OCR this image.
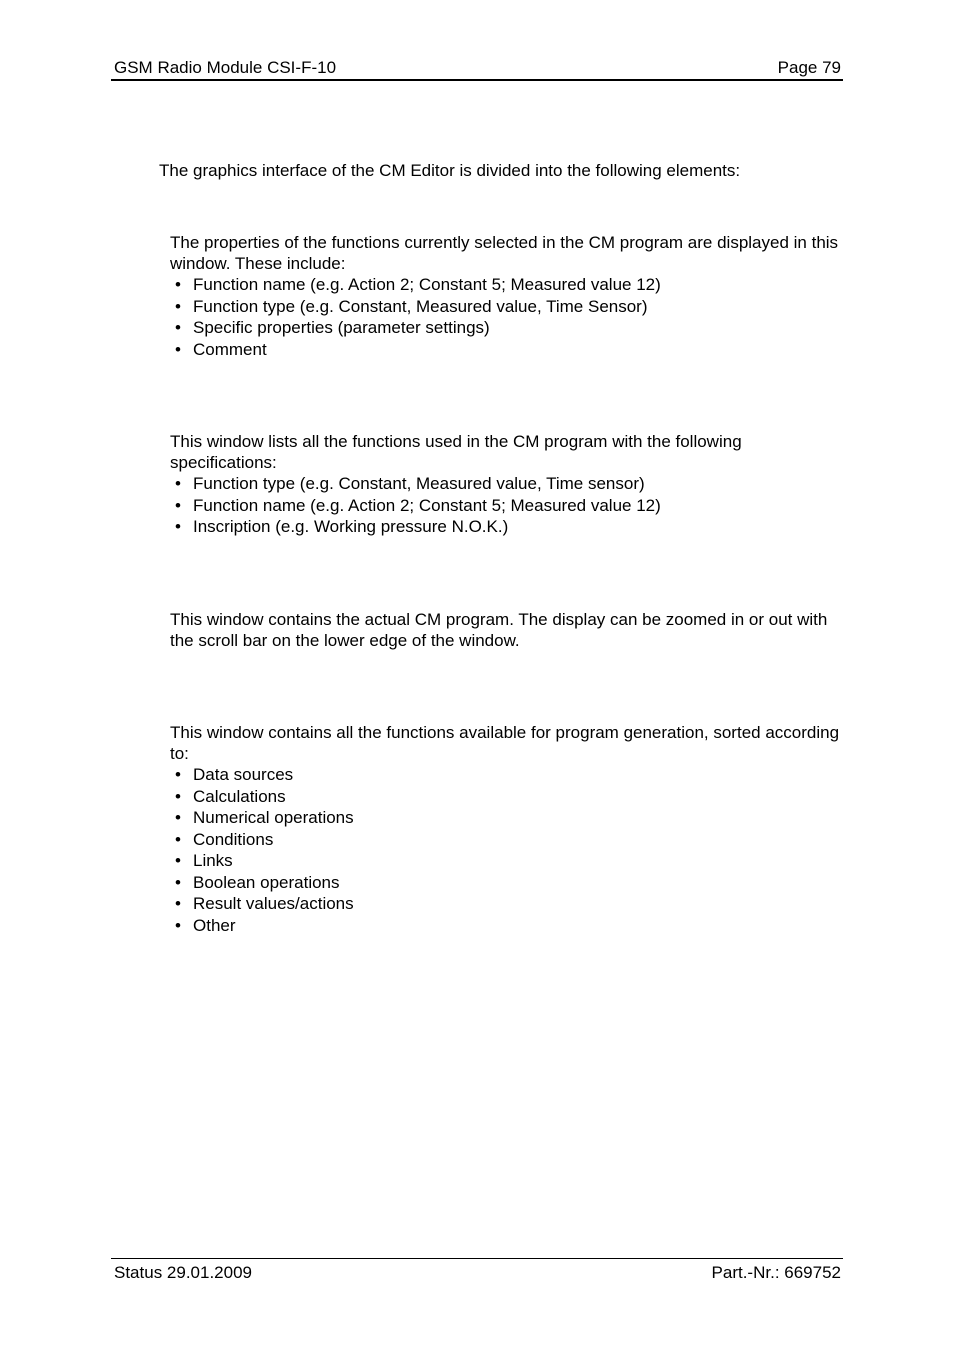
GSM Radio Module CSI-F-10	Page 79
The graphics interface of the CM Editor is divided into the following elements:

The properties of the functions currently selected in the CM program are displayed in this window. These include:

• Function name (e.g. Action 2; Constant 5; Measured value 12)
• Function type (e.g. Constant, Measured value, Time Sensor)
• Specific properties (parameter settings)
• Comment

This window lists all the functions used in the CM program with the following specifications:

• Function type (e.g. Constant, Measured value, Time sensor)
• Function name (e.g. Action 2; Constant 5; Measured value 12)
• Inscription (e.g. Working pressure N.O.K.)

This window contains the actual CM program. The display can be zoomed in or out with the scroll bar on the lower edge of the window.

This window contains all the functions available for program generation, sorted according to:

• Data sources
• Calculations
• Numerical operations
• Conditions
• Links
• Boolean operations
• Result values/actions
• Other
Status 29.01.2009	Part.-Nr.: 669752
